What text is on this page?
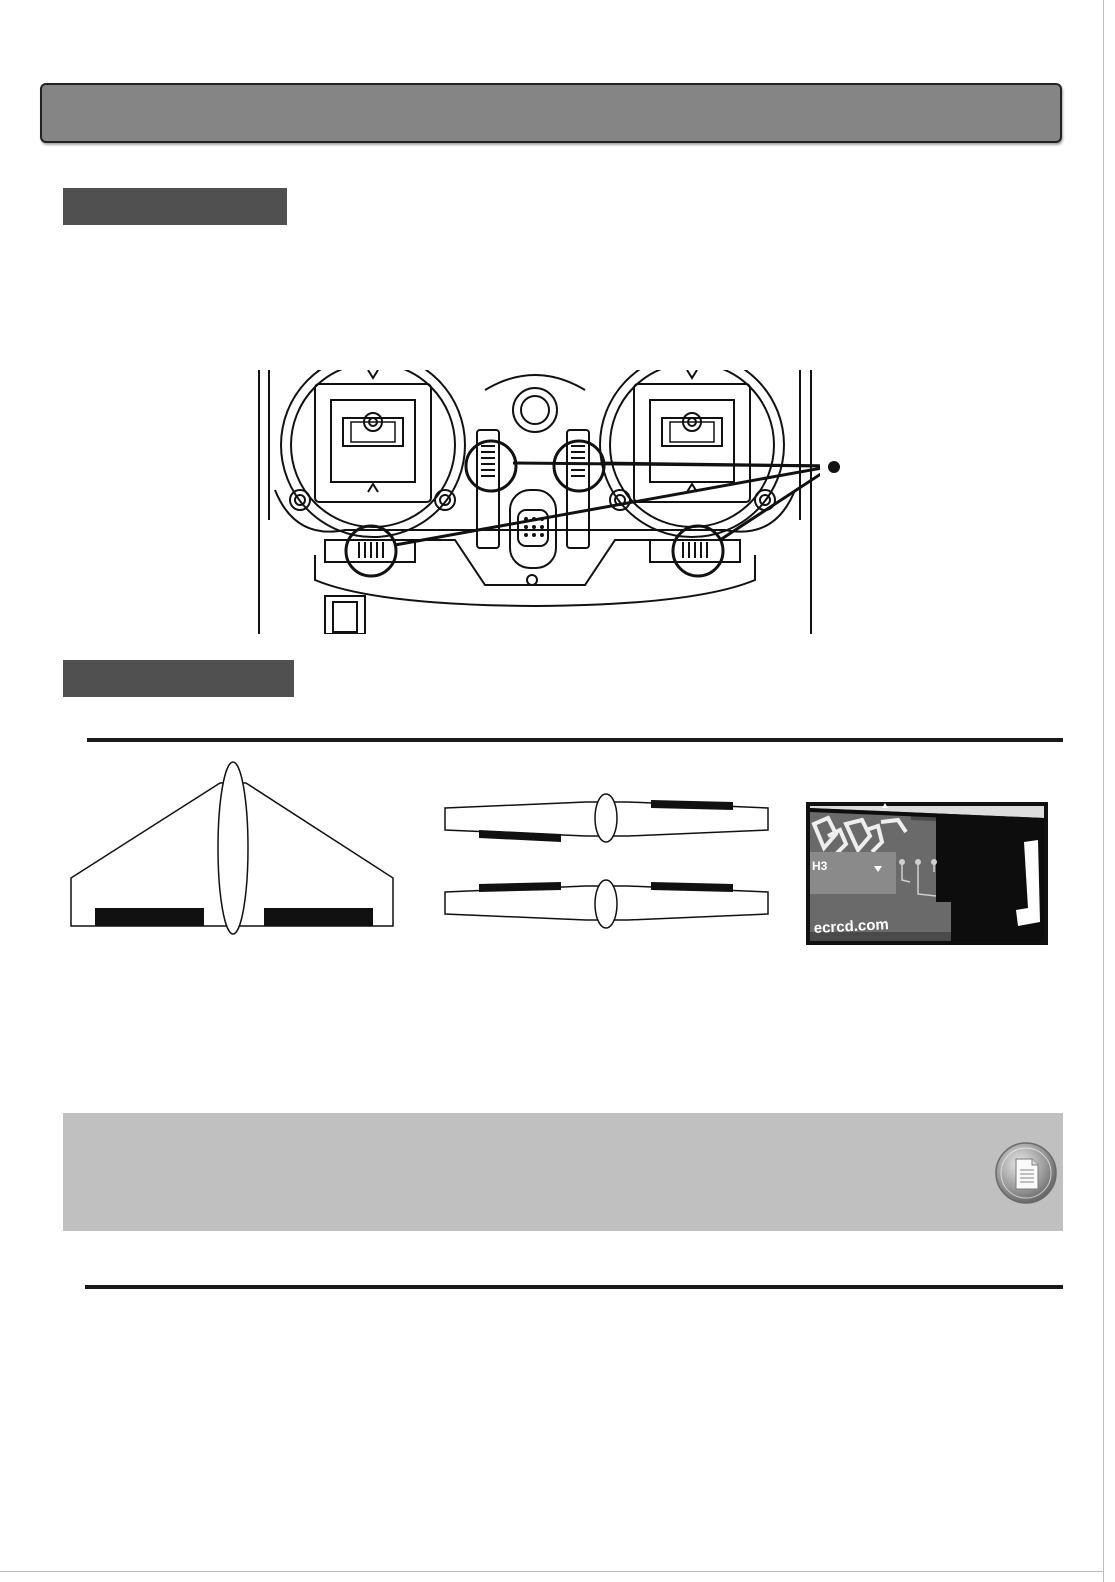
H3
ecrcd.com
